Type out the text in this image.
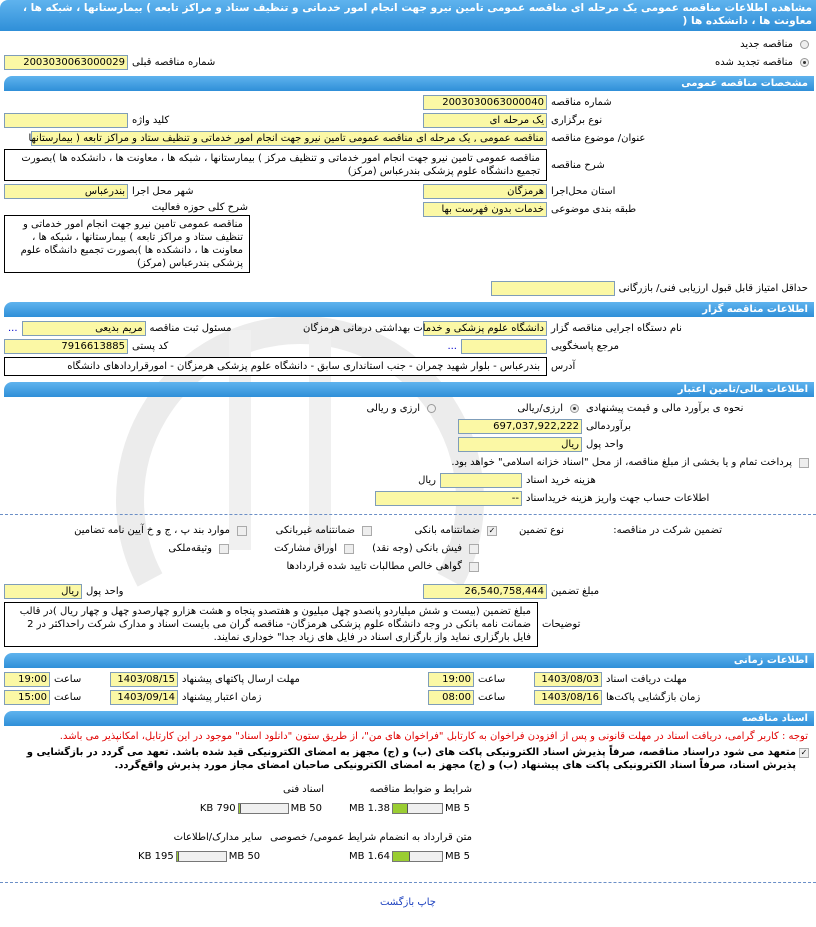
مشاهده اطلاعات مناقصه عمومی یک مرحله ای مناقصه عمومی تامین نیرو جهت انجام امور خدماتی و تنظیف ستاد و مراکز تابعه ) بیمارستانها ، شبکه ها ، معاونت ها ، دانشکده ها (
مناقصه جدید
مناقصه تجدید شده
شماره مناقصه قبلی
2003030063000029
مشخصات مناقصه عمومی
شماره مناقصه
2003030063000040
نوع برگزاری
یک مرحله ای
کلید واژه
عنوان/ موضوع مناقصه
مناقصه عمومی , یک مرحله ای مناقصه عمومی تامین نیرو جهت انجام امور خدماتی و تنظیف ستاد و مراکز تابعه ( بیمارستانها
شرح مناقصه
مناقصه عمومی تامین نیرو جهت انجام امور خدماتی و تنظیف مرکز ) بیمارستانها ، شبکه ها ، معاونت ها ، دانشکده ها )بصورت تجمیع دانشگاه علوم پزشکی بندرعباس (مرکز)
استان محل‌اجرا
هرمزگان
شهر محل اجرا
بندرعباس
طبقه بندی موضوعی
خدمات بدون فهرست بها
شرح کلی حوزه فعالیت
مناقصه عمومی تامین نیرو جهت انجام امور خدماتی و تنظیف ستاد و مراکز تابعه ) بیمارستانها ، شبکه ها ، معاونت ها ، دانشکده ها )بصورت تجمیع دانشگاه علوم پزشکی بندرعباس (مرکز)
حداقل امتیاز قابل قبول ارزیابی فنی/ بازرگانی
اطلاعات مناقصه گزار
نام دستگاه اجرایی مناقصه گزار
دانشگاه علوم پزشکی و خدمات بهداشتی درمانی هرمزگان
مسئول ثبت مناقصه
مریم بدیعی
...
مرجع پاسخگویی
...
کد پستی
7916613885
آدرس
بندرعباس - بلوار شهید چمران - جنب استانداری سابق - دانشگاه علوم پزشکی هرمزگان - امورقراردادهای دانشگاه
اطلاعات مالی/تامین اعتبار
نحوه ی برآورد مالی و قیمت پیشنهادی
ارزی/ریالی
ارزی و ریالی
برآوردمالی
697,037,922,222
واحد پول
ریال
پرداخت تمام و یا بخشی از مبلغ مناقصه، از محل "اسناد خزانه اسلامی" خواهد بود.
هزینه خرید اسناد
ریال
اطلاعات حساب جهت واریز هزینه خریداسناد
--
تضمین شرکت در مناقصه:
نوع تضمین
✓
ضمانتنامه بانکی
ضمانتنامه غیربانکی
موارد بند پ ، ج و خ آیین نامه تضامین
فیش بانکی (وجه نقد)
اوراق مشارکت
وثیقه‌ملکی
گواهی خالص مطالبات تایید شده قراردادها
مبلغ تضمین
26,540,758,444
واحد پول
ریال
توضیحات
مبلغ تضمین (بیست و شش میلیاردو پانصدو چهل میلیون و هفتصدو پنجاه و هشت هزارو چهارصدو چهل و چهار ریال )در قالب ضمانت نامه بانکی در وجه دانشگاه علوم پزشکی هرمزگان- مناقصه گران می بایست اسناد و مدارک شرکت راحداکثر در 2 فایل بارگزاری نماید واز بارگزاری اسناد در فایل های زیاد جدا" خوداری نمایند.
اطلاعات زمانی
مهلت دریافت اسناد
1403/08/03
ساعت
19:00
مهلت ارسال پاکتهای پیشنهاد
1403/08/15
ساعت
19:00
زمان بازگشایی پاکت‌ها
1403/08/16
ساعت
08:00
زمان اعتبار پیشنهاد
1403/09/14
ساعت
15:00
اسناد مناقصه
توجه : کاربر گرامی، دریافت اسناد در مهلت قانونی و پس از افزودن فراخوان به کارتابل "فراخوان های من"، از طریق ستون "دانلود اسناد" موجود در این کارتابل، امکانپذیر می باشد.
✓
متعهد می شود دراسناد مناقصه، صرفاً پذیرش اسناد الکترونیکی پاکت های (ب) و (ج) مجهز به امضای الکترونیکی قید شده باشد. تعهد می گردد در بازگشایی و پذیرش اسناد، صرفاً اسناد الکترونیکی پاکت های پیشنهاد (ب) و (ج) مجهز به امضای الکترونیکی صاحبان امضای مجاز مورد پذیرش واقع‌گردد.
شرایط و ضوابط مناقصه
5 MB
1.38 MB
اسناد فنی
50 MB
790 KB
متن قرارداد به انضمام شرایط عمومی/ خصوصی
5 MB
1.64 MB
سایر مدارک/اطلاعات
50 MB
195 KB
چاپ بازگشت
